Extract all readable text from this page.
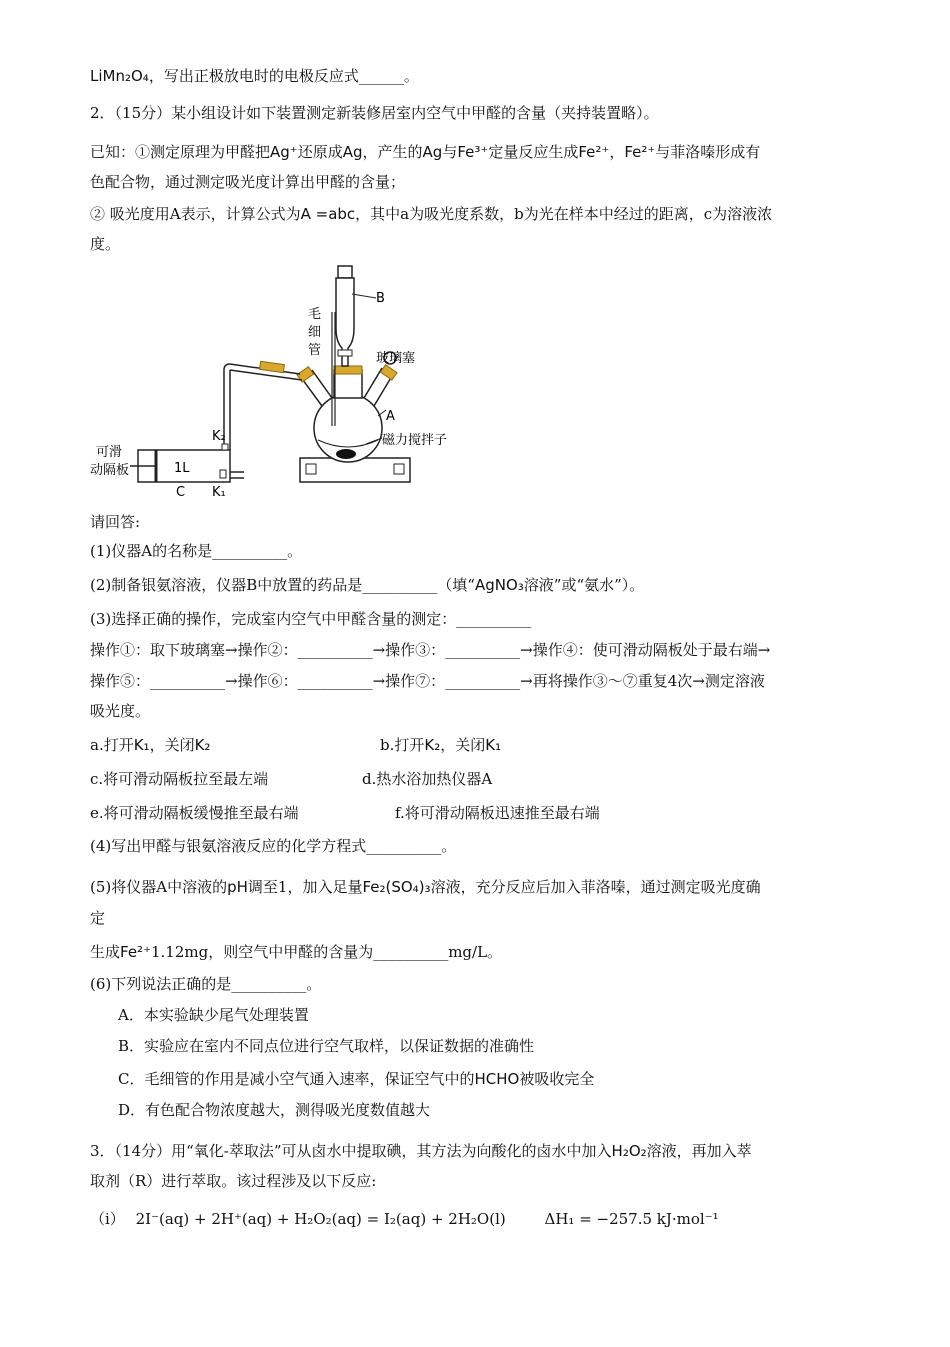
LiMn₂O₄，写出正极放电时的电极反应式______。
2．（15分）某小组设计如下装置测定新装修居室内空气中甲醛的含量（夹持装置略）。
已知：①测定原理为甲醛把Ag⁺还原成Ag，产生的Ag与Fe³⁺定量反应生成Fe²⁺，Fe²⁺与菲洛嗪形成有
色配合物，通过测定吸光度计算出甲醛的含量；
② 吸光度用A表示，计算公式为A =abc，其中a为吸光度系数，b为光在样本中经过的距离，c为溶液浓
度。
B
毛
细
管
玻璃塞
A
磁力搅拌子
可滑
动隔板	1L
C
K₂
K₁
请回答:
(1)仪器A的名称是__________。
(2)制备银氨溶液，仪器B中放置的药品是__________（填“AgNO₃溶液”或“氨水”）。
(3)选择正确的操作，完成室内空气中甲醛含量的测定：__________
操作①：取下玻璃塞→操作②：__________→操作③：__________→操作④：使可滑动隔板处于最右端→
操作⑤：__________→操作⑥：__________→操作⑦：__________→再将操作③～⑦重复4次→测定溶液
吸光度。
a.打开K₁，关闭K₂	b.打开K₂，关闭K₁
c.将可滑动隔板拉至最左端	d.热水浴加热仪器A
e.将可滑动隔板缓慢推至最右端	f.将可滑动隔板迅速推至最右端
(4)写出甲醛与银氨溶液反应的化学方程式__________。
(5)将仪器A中溶液的pH调至1，加入足量Fe₂(SO₄)₃溶液，充分反应后加入菲洛嗪，通过测定吸光度确
定
生成Fe²⁺1.12mg，则空气中甲醛的含量为__________mg/L。
(6)下列说法正确的是__________。
A．本实验缺少尾气处理装置
B．实验应在室内不同点位进行空气取样，以保证数据的准确性
C．毛细管的作用是减小空气通入速率，保证空气中的HCHO被吸收完全
D．有色配合物浓度越大，测得吸光度数值越大
3．（14分）用“氧化-萃取法”可从卤水中提取碘，其方法为向酸化的卤水中加入H₂O₂溶液，再加入萃
取剂（R）进行萃取。该过程涉及以下反应:
（i） 2I⁻(aq) + 2H⁺(aq) + H₂O₂(aq) = I₂(aq) + 2H₂O(l)	ΔH₁ = −257.5 kJ·mol⁻¹
